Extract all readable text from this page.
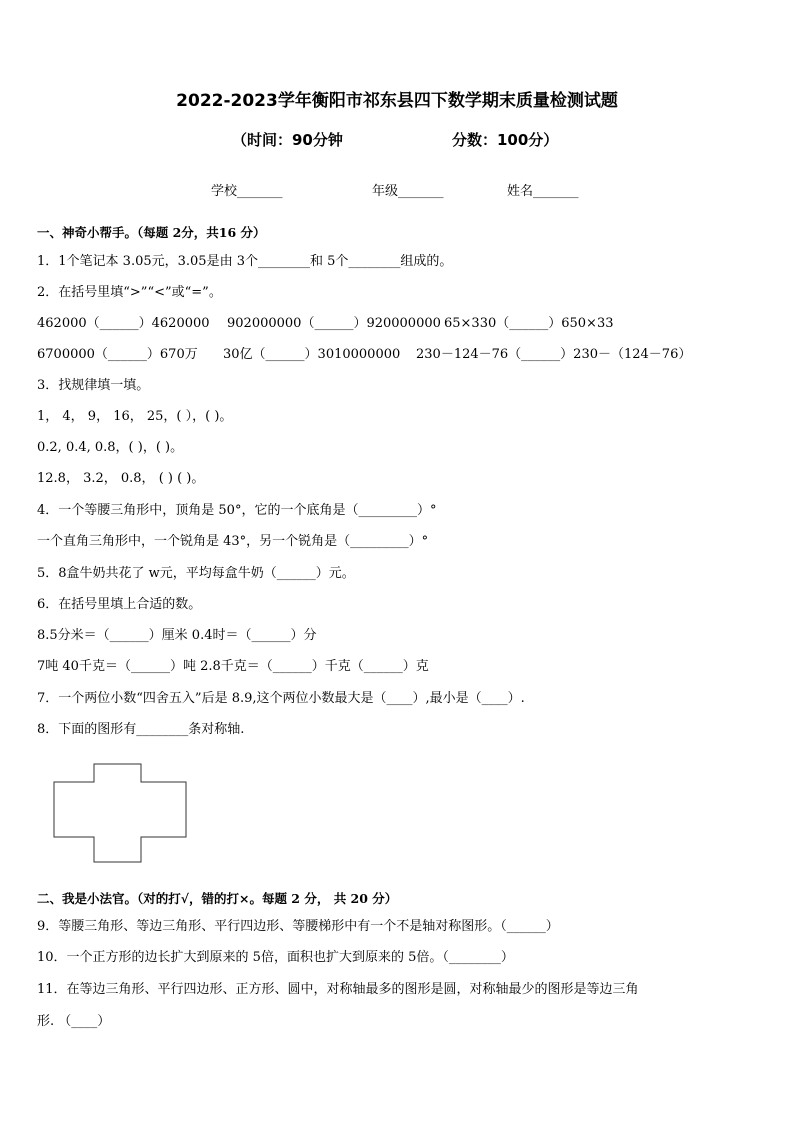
2022-2023学年衡阳市祁东县四下数学期末质量检测试题
（时间：90分钟	分数：100分）
学校_______	年级_______	姓名_______
一、神奇小帮手。（每题 2分，共16 分）
1．1个笔记本 3.05元，3.05是由 3个________和 5个________组成的。
2．在括号里填“>”“<”或“=”。
462000（______）4620000 902000000（______）920000000 65×330（______）650×33
6700000（______）670万 30亿（______）3010000000 230－124－76（______）230－（124－76）
3．找规律填一填。
1， 4， 9， 16， 25，( ），( )。
0.2, 0.4, 0.8，( )，( )。
12.8， 3.2， 0.8， ( ) ( )。
4．一个等腰三角形中，顶角是 50°，它的一个底角是（_________）°
一个直角三角形中，一个锐角是 43°，另一个锐角是（_________）°
5．8盒牛奶共花了 w元，平均每盒牛奶（______）元。
6．在括号里填上合适的数。
8.5分米＝（______）厘米 0.4时＝（______）分
7吨 40千克＝（______）吨 2.8千克＝（______）千克（______）克
7．一个两位小数“四舍五入”后是 8.9,这个两位小数最大是（____）,最小是（____）.
8．下面的图形有________条对称轴.
二、我是小法官。（对的打√，错的打×。每题 2 分， 共 20 分）
9．等腰三角形、等边三角形、平行四边形、等腰梯形中有一个不是轴对称图形。（______）
10．一个正方形的边长扩大到原来的 5倍，面积也扩大到原来的 5倍。（________）
11．在等边三角形、平行四边形、正方形、圆中，对称轴最多的图形是圆，对称轴最少的图形是等边三角
形. （____）
